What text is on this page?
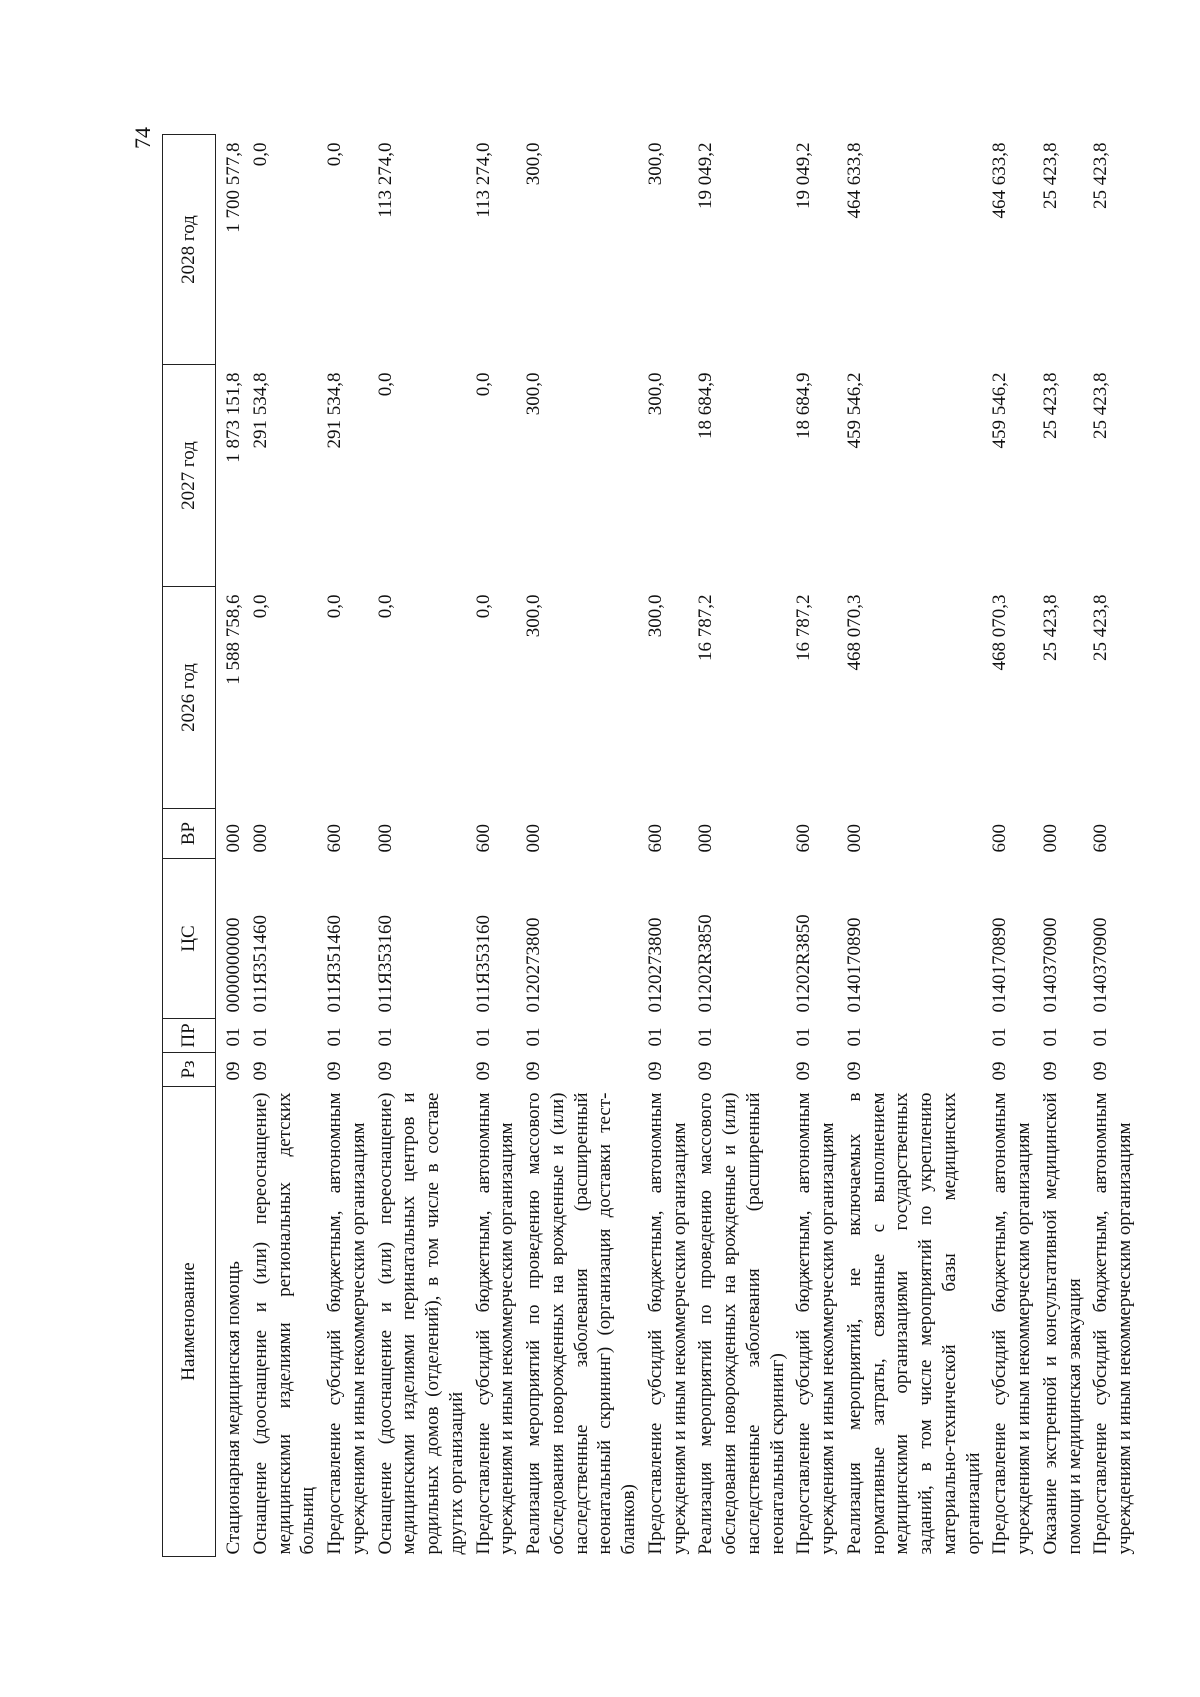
74
Наименование	Рз	ПР	ЦС	ВР	2026 год	2027 год	2028 год
Стационарная медицинская помощь	09	01	0000000000	000	1 588 758,6	1 873 151,8	1 700 577,8
Оснащение (дооснащение и (или) переоснащение) медицинскими изделиями региональных детских больниц	09	01	011Я351460	000	0,0	291 534,8	0,0
Предоставление субсидий бюджетным, автономным учреждениям и иным некоммерческим организациям	09	01	011Я351460	600	0,0	291 534,8	0,0
Оснащение (дооснащение и (или) переоснащение) медицинскими изделиями перинатальных центров и родильных домов (отделений), в том числе в составе других организаций	09	01	011Я353160	000	0,0	0,0	113 274,0
Предоставление субсидий бюджетным, автономным учреждениям и иным некоммерческим организациям	09	01	011Я353160	600	0,0	0,0	113 274,0
Реализация мероприятий по проведению массового обследования новорожденных на врожденные и (или) наследственные заболевания (расширенный неонатальный скрининг) (организация доставки тест-бланков)	09	01	0120273800	000	300,0	300,0	300,0
Предоставление субсидий бюджетным, автономным учреждениям и иным некоммерческим организациям	09	01	0120273800	600	300,0	300,0	300,0
Реализация мероприятий по проведению массового обследования новорожденных на врожденные и (или) наследственные заболевания (расширенный неонатальный скрининг)	09	01	01202R3850	000	16 787,2	18 684,9	19 049,2
Предоставление субсидий бюджетным, автономным учреждениям и иным некоммерческим организациям	09	01	01202R3850	600	16 787,2	18 684,9	19 049,2
Реализация мероприятий, не включаемых в нормативные затраты, связанные с выполнением медицинскими организациями государственных заданий, в том числе мероприятий по укреплению материально-технической базы медицинских организаций	09	01	0140170890	000	468 070,3	459 546,2	464 633,8
Предоставление субсидий бюджетным, автономным учреждениям и иным некоммерческим организациям	09	01	0140170890	600	468 070,3	459 546,2	464 633,8
Оказание экстренной и консультативной медицинской помощи и медицинская эвакуация	09	01	0140370900	000	25 423,8	25 423,8	25 423,8
Предоставление субсидий бюджетным, автономным учреждениям и иным некоммерческим организациям	09	01	0140370900	600	25 423,8	25 423,8	25 423,8
